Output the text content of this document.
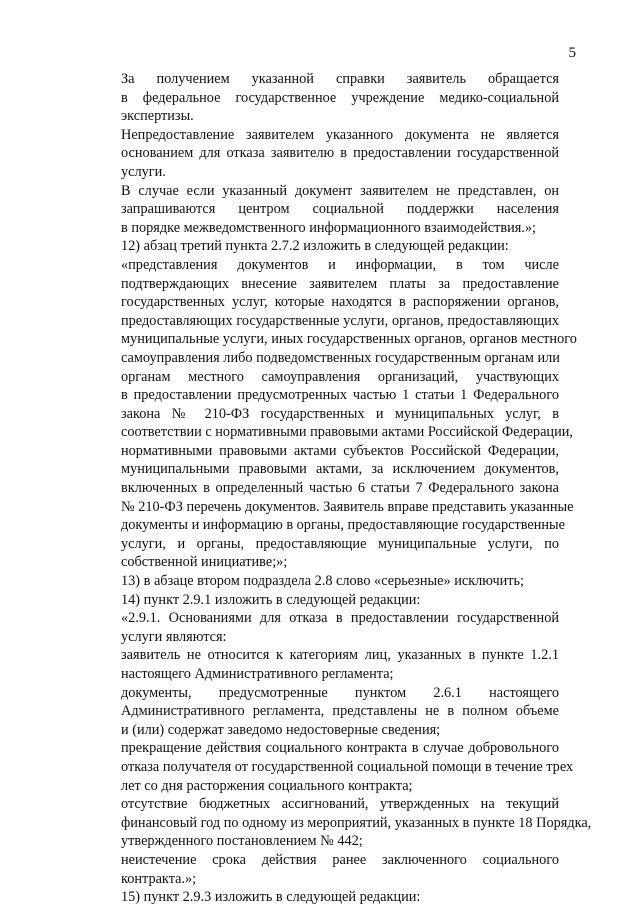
5

За получением указанной справки заявитель обращается
в федеральное государственное учреждение медико-социальной
экспертизы.

Непредоставление заявителем указанного документа не является
основанием для отказа заявителю в предоставлении государственной
услуги.

В случае если указанный документ заявителем не представлен, он
запрашиваются центром социальной поддержки населения
в порядке межведомственного информационного взаимодействия.»;

12) абзац третий пункта 2.7.2 изложить в следующей редакции:

«представления документов и информации, в том числе
подтверждающих внесение заявителем платы за предоставление
государственных услуг, которые находятся в распоряжении органов,
предоставляющих государственные услуги, органов, предоставляющих
муниципальные услуги, иных государственных органов, органов местного
самоуправления либо подведомственных государственным органам или
органам местного самоуправления организаций, участвующих
в предоставлении предусмотренных частью 1 статьи 1 Федерального
закона № 210-ФЗ государственных и муниципальных услуг, в
соответствии с нормативными правовыми актами Российской Федерации,
нормативными правовыми актами субъектов Российской Федерации,
муниципальными правовыми актами, за исключением документов,
включенных в определенный частью 6 статьи 7 Федерального закона
№ 210-ФЗ перечень документов. Заявитель вправе представить указанные
документы и информацию в органы, предоставляющие государственные
услуги, и органы, предоставляющие муниципальные услуги, по
собственной инициативе;»;

13) в абзаце втором подраздела 2.8 слово «серьезные» исключить;

14) пункт 2.9.1 изложить в следующей редакции:

«2.9.1. Основаниями для отказа в предоставлении государственной
услуги являются:

заявитель не относится к категориям лиц, указанных в пункте 1.2.1
настоящего Административного регламента;

документы, предусмотренные пунктом 2.6.1 настоящего
Административного регламента, представлены не в полном объеме
и (или) содержат заведомо недостоверные сведения;

прекращение действия социального контракта в случае добровольного
отказа получателя от государственной социальной помощи в течение трех
лет со дня расторжения социального контракта;

отсутствие бюджетных ассигнований, утвержденных на текущий
финансовый год по одному из мероприятий, указанных в пункте 18 Порядка,
утвержденного постановлением № 442;

неистечение срока действия ранее заключенного социального
контракта.»;

15) пункт 2.9.3 изложить в следующей редакции:
